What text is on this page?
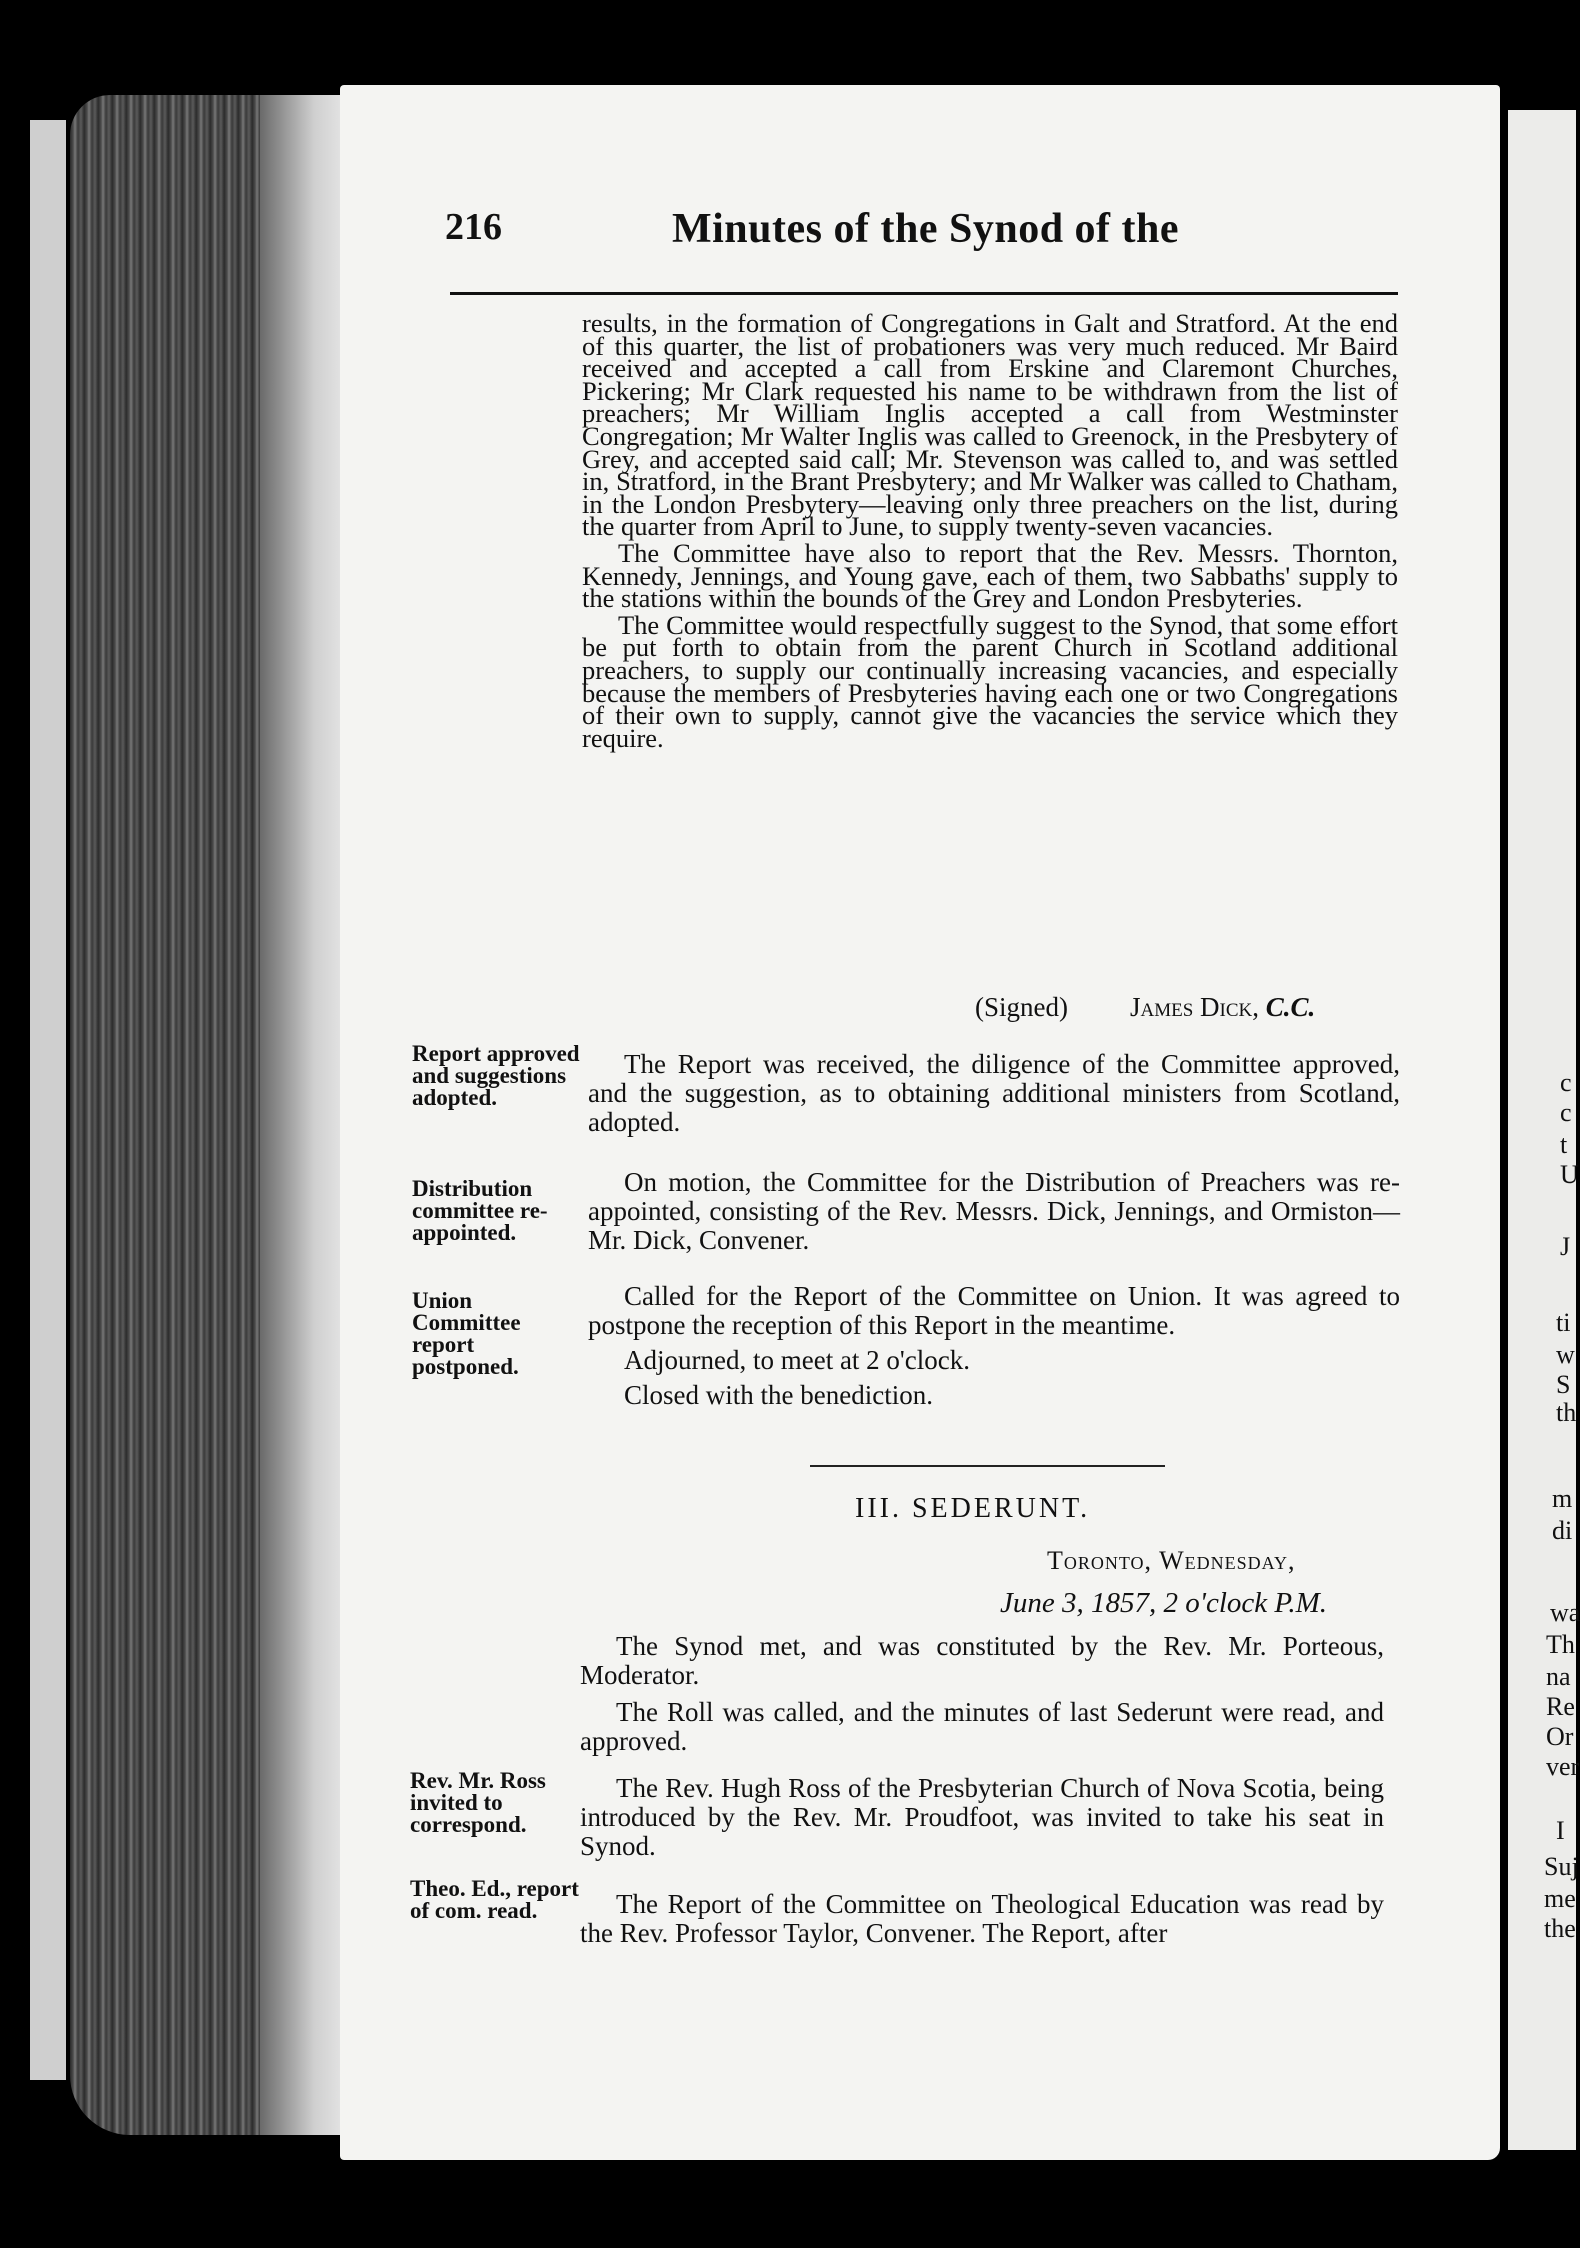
216	Minutes of the Synod of the

results, in the formation of Congregations in Galt and Stratford. At the end of this quarter, the list of probationers was very much reduced. Mr Baird received and accepted a call from Erskine and Claremont Churches, Pickering; Mr Clark requested his name to be withdrawn from the list of preachers; Mr William Inglis accepted a call from Westminster Congregation; Mr Walter Inglis was called to Greenock, in the Presbytery of Grey, and accepted said call; Mr. Stevenson was called to, and was settled in, Stratford, in the Brant Presbytery; and Mr Walker was called to Chatham, in the London Presbytery—leaving only three preachers on the list, during the quarter from April to June, to supply twenty-seven vacancies.

The Committee have also to report that the Rev. Messrs. Thornton, Kennedy, Jennings, and Young gave, each of them, two Sabbaths' supply to the stations within the bounds of the Grey and London Presbyteries.

The Committee would respectfully suggest to the Synod, that some effort be put forth to obtain from the parent Church in Scotland additional preachers, to supply our continually increasing vacancies, and especially because the members of Presbyteries having each one or two Congregations of their own to supply, cannot give the vacancies the service which they require.

(Signed) James Dick, C.C.

Report approved and suggestions adopted.

The Report was received, the diligence of the Committee approved, and the suggestion, as to obtaining additional ministers from Scotland, adopted.

Distribution committee re-appointed.

On motion, the Committee for the Distribution of Preachers was re-appointed, consisting of the Rev. Messrs. Dick, Jennings, and Ormiston—Mr. Dick, Convener.

Union Committee report postponed.

Called for the Report of the Committee on Union. It was agreed to postpone the reception of this Report in the meantime.

Adjourned, to meet at 2 o'clock.

Closed with the benediction.

III. SEDERUNT.
Toronto, Wednesday,
June 3, 1857, 2 o'clock P.M.

The Synod met, and was constituted by the Rev. Mr. Porteous, Moderator.

The Roll was called, and the minutes of last Sederunt were read, and approved.

Rev. Mr. Ross invited to correspond.

The Rev. Hugh Ross of the Presbyterian Church of Nova Scotia, being introduced by the Rev. Mr. Proudfoot, was invited to take his seat in Synod.

Theo. Ed., report of com. read.	The Report of the Committee on Theological Education was read by the Rev. Professor Taylor, Convener. The Report, after

c
c
t
U
J
ti
w
S
th
m
di
wa
Th
na
Re
Or
ver
I
Suj
me
the
